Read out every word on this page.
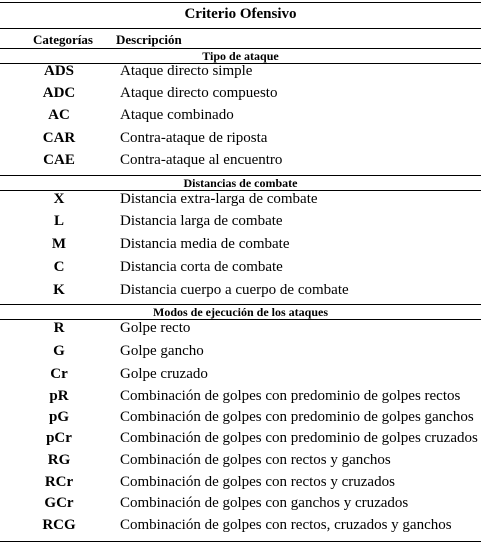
Criterio Ofensivo
Categorías Descripción
Tipo de ataque
ADS	Ataque directo simple
ADC	Ataque directo compuesto
AC	Ataque combinado
CAR	Contra-ataque de riposta
CAE	Contra-ataque al encuentro
Distancias de combate
X	Distancia extra-larga de combate
L	Distancia larga de combate
M	Distancia media de combate
C	Distancia corta de combate
K	Distancia cuerpo a cuerpo de combate
Modos de ejecución de los ataques
R	Golpe recto
G	Golpe gancho
Cr	Golpe cruzado
pR	Combinación de golpes con predominio de golpes rectos
pG	Combinación de golpes con predominio de golpes ganchos
pCr	Combinación de golpes con predominio de golpes cruzados
RG	Combinación de golpes con rectos y ganchos
RCr	Combinación de golpes con rectos y cruzados
GCr	Combinación de golpes con ganchos y cruzados
RCG	Combinación de golpes con rectos, cruzados y ganchos
